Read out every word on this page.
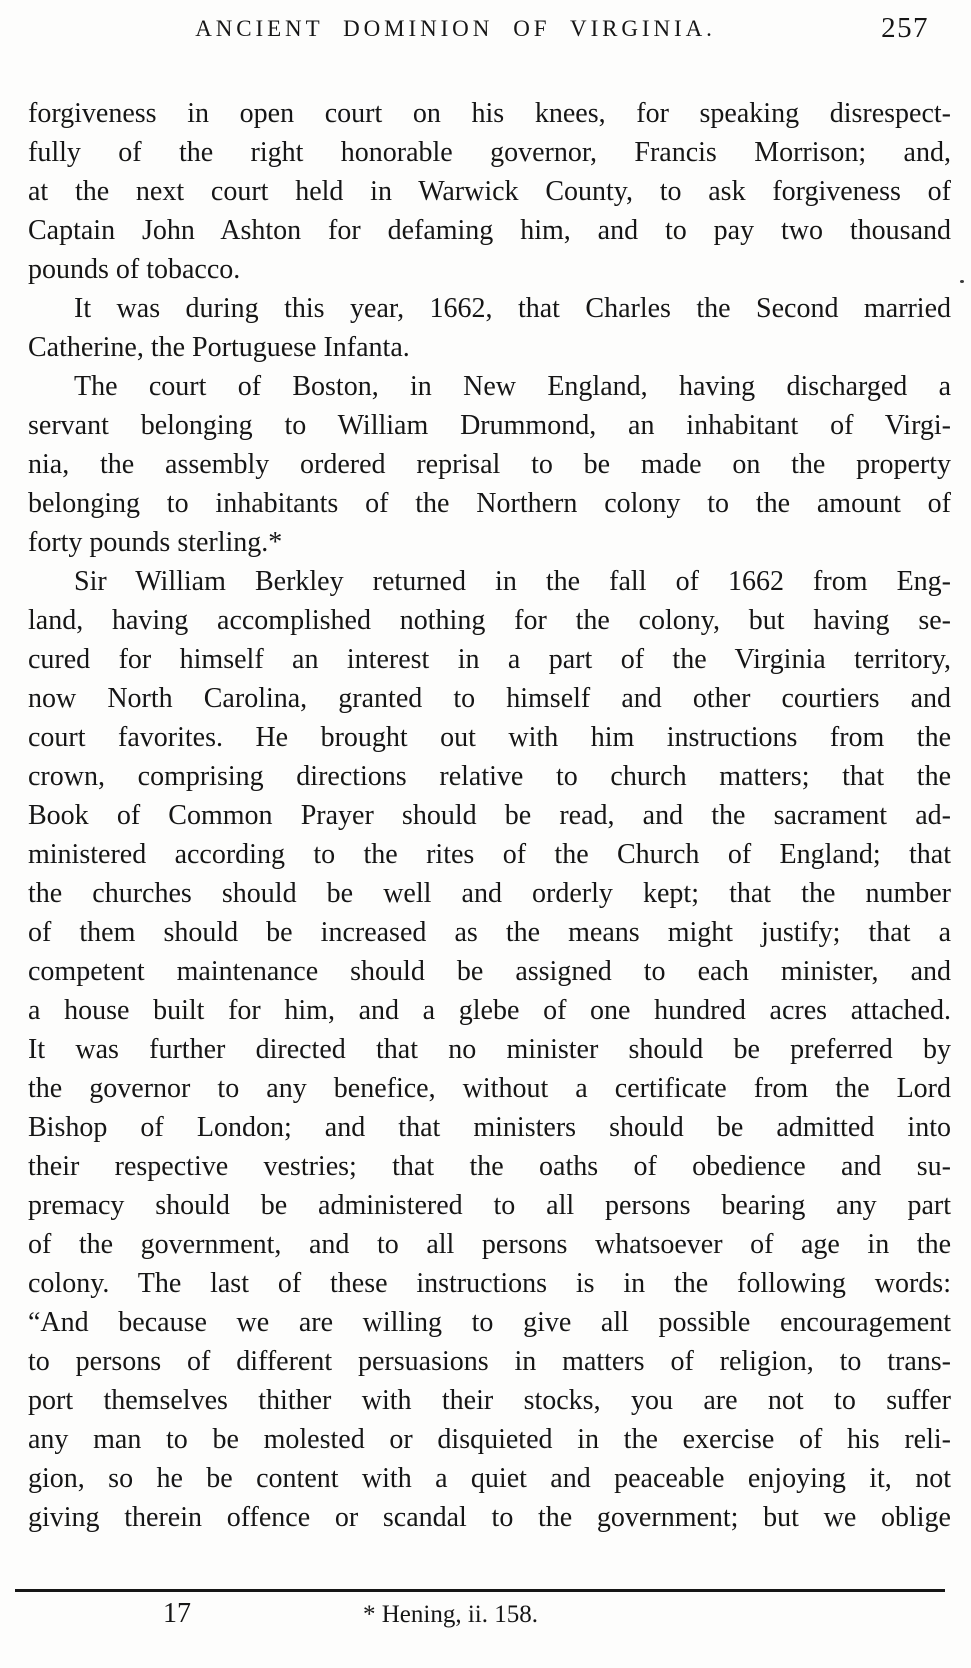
ANCIENT DOMINION OF VIRGINIA.	257
forgiveness in open court on his knees, for speaking disrespect-
fully of the right honorable governor, Francis Morrison; and,
at the next court held in Warwick County, to ask forgiveness of
Captain John Ashton for defaming him, and to pay two thousand
pounds of tobacco.
It was during this year, 1662, that Charles the Second married
Catherine, the Portuguese Infanta.
The court of Boston, in New England, having discharged a
servant belonging to William Drummond, an inhabitant of Virgi-
nia, the assembly ordered reprisal to be made on the property
belonging to inhabitants of the Northern colony to the amount of
forty pounds sterling.*
Sir William Berkley returned in the fall of 1662 from Eng-
land, having accomplished nothing for the colony, but having se-
cured for himself an interest in a part of the Virginia territory,
now North Carolina, granted to himself and other courtiers and
court favorites. He brought out with him instructions from the
crown, comprising directions relative to church matters; that the
Book of Common Prayer should be read, and the sacrament ad-
ministered according to the rites of the Church of England; that
the churches should be well and orderly kept; that the number
of them should be increased as the means might justify; that a
competent maintenance should be assigned to each minister, and
a house built for him, and a glebe of one hundred acres attached.
It was further directed that no minister should be preferred by
the governor to any benefice, without a certificate from the Lord
Bishop of London; and that ministers should be admitted into
their respective vestries; that the oaths of obedience and su-
premacy should be administered to all persons bearing any part
of the government, and to all persons whatsoever of age in the
colony. The last of these instructions is in the following words:
“And because we are willing to give all possible encouragement
to persons of different persuasions in matters of religion, to trans-
port themselves thither with their stocks, you are not to suffer
any man to be molested or disquieted in the exercise of his reli-
gion, so he be content with a quiet and peaceable enjoying it, not
giving therein offence or scandal to the government; but we oblige
17	* Hening, ii. 158.
